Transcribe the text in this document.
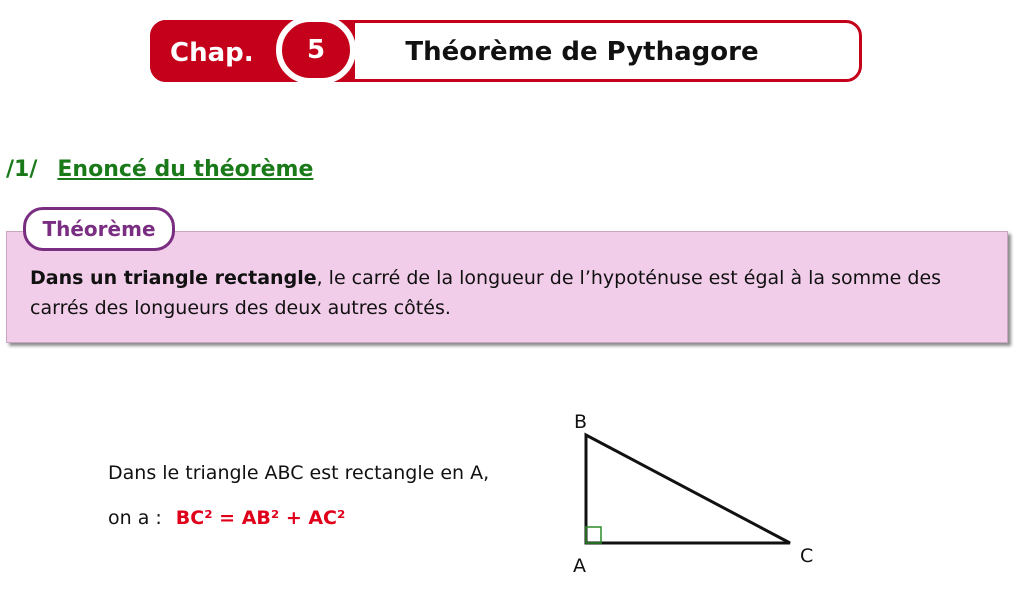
Chap. 5	Théorème de Pythagore
/1/ Enoncé du théorème
Théorème
Dans un triangle rectangle, le carré de la longueur de l’hypoténuse est égal à la somme des
carrés des longueurs des deux autres côtés.
Dans le triangle ABC est rectangle en A,
on a : BC² = AB² + AC²
B
A	C
